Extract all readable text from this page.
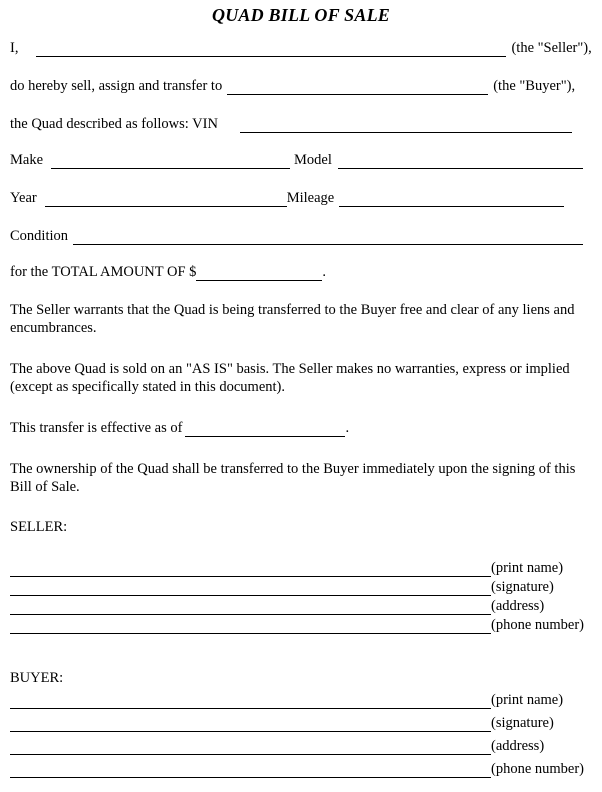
QUAD BILL OF SALE
I,	(the "Seller"),
do hereby sell, assign and transfer to	(the "Buyer"),
the Quad described as follows: VIN
Make	Model
Year	Mileage
Condition
for the TOTAL AMOUNT OF $	.
The Seller warrants that the Quad is being transferred to the Buyer free and clear of any liens and encumbrances.
The above Quad is sold on an "AS IS" basis. The Seller makes no warranties, express or implied (except as specifically stated in this document).
This transfer is effective as of	.
The ownership of the Quad shall be transferred to the Buyer immediately upon the signing of this Bill of Sale.
SELLER:
(print name)
(signature)
(address)
(phone number)
BUYER:
(print name)
(signature)
(address)
(phone number)
